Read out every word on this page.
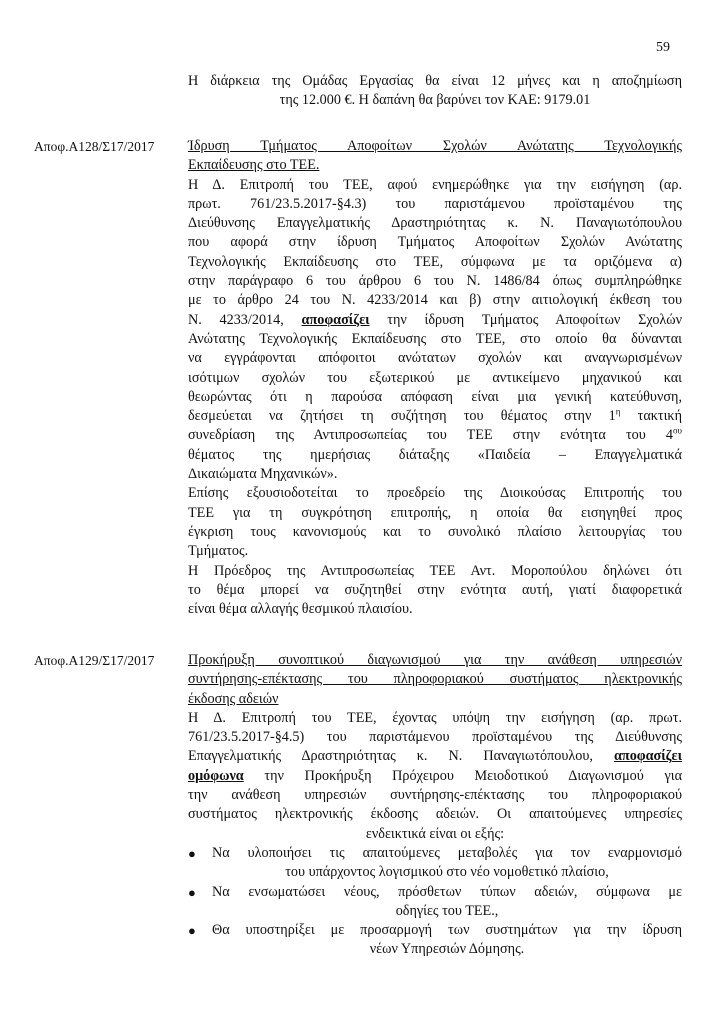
59
Η διάρκεια της Ομάδας Εργασίας θα είναι 12 μήνες και η αποζημίωση
της 12.000 €. Η δαπάνη θα βαρύνει τον ΚΑΕ: 9179.01
Αποφ.Α128/Σ17/2017 Ίδρυση Τμήματος Αποφοίτων Σχολών Ανώτατης Τεχνολογικής
Εκπαίδευσης στο ΤΕΕ.
Η Δ. Επιτροπή του ΤΕΕ, αφού ενημερώθηκε για την εισήγηση (αρ.
πρωτ. 761/23.5.2017-§4.3) του παριστάμενου προϊσταμένου της
Διεύθυνσης Επαγγελματικής Δραστηριότητας κ. Ν. Παναγιωτόπουλου
που αφορά στην ίδρυση Τμήματος Αποφοίτων Σχολών Ανώτατης
Τεχνολογικής Εκπαίδευσης στο ΤΕΕ, σύμφωνα με τα οριζόμενα α)
στην παράγραφο 6 του άρθρου 6 του Ν. 1486/84 όπως συμπληρώθηκε
με το άρθρο 24 του Ν. 4233/2014 και β) στην αιτιολογική έκθεση του
Ν. 4233/2014, αποφασίζει την ίδρυση Τμήματος Αποφοίτων Σχολών
Ανώτατης Τεχνολογικής Εκπαίδευσης στο ΤΕΕ, στο οποίο θα δύνανται
να εγγράφονται απόφοιτοι ανώτατων σχολών και αναγνωρισμένων
ισότιμων σχολών του εξωτερικού με αντικείμενο μηχανικού και
θεωρώντας ότι η παρούσα απόφαση είναι μια γενική κατεύθυνση,
δεσμεύεται να ζητήσει τη συζήτηση του θέματος στην $1^\eta$ τακτική
συνεδρίαση της Αντιπροσωπείας του ΤΕΕ στην ενότητα του $4^{o\upsilon}$
θέματος της ημερήσιας διάταξης «Παιδεία – Επαγγελματικά
Δικαιώματα Μηχανικών».
Επίσης εξουσιοδοτείται το προεδρείο της Διοικούσας Επιτροπής του
ΤΕΕ για τη συγκρότηση επιτροπής, η οποία θα εισηγηθεί προς
έγκριση τους κανονισμούς και το συνολικό πλαίσιο λειτουργίας του
Τμήματος.
Η Πρόεδρος της Αντιπροσωπείας ΤΕΕ Αντ. Μοροπούλου δηλώνει ότι
το θέμα μπορεί να συζητηθεί στην ενότητα αυτή, γιατί διαφορετικά
είναι θέμα αλλαγής θεσμικού πλαισίου.
Αποφ.Α129/Σ17/2017 Προκήρυξη συνοπτικού διαγωνισμού για την ανάθεση υπηρεσιών
συντήρησης-επέκτασης του πληροφοριακού συστήματος ηλεκτρονικής
έκδοσης αδειών
Η Δ. Επιτροπή του ΤΕΕ, έχοντας υπόψη την εισήγηση (αρ. πρωτ.
761/23.5.2017-§4.5) του παριστάμενου προϊσταμένου της Διεύθυνσης
Επαγγελματικής Δραστηριότητας κ. Ν. Παναγιωτόπουλου, αποφασίζει
ομόφωνα την Προκήρυξη Πρόχειρου Μειοδοτικού Διαγωνισμού για
την ανάθεση υπηρεσιών συντήρησης-επέκτασης του πληροφοριακού
συστήματος ηλεκτρονικής έκδοσης αδειών. Οι απαιτούμενες υπηρεσίες
ενδεικτικά είναι οι εξής:
● Να υλοποιήσει τις απαιτούμενες μεταβολές για τον εναρμονισμό
του υπάρχοντος λογισμικού στο νέο νομοθετικό πλαίσιο,
● Να ενσωματώσει νέους, πρόσθετων τύπων αδειών, σύμφωνα με
οδηγίες του ΤΕΕ.,
● Θα υποστηρίξει με προσαρμογή των συστημάτων για την ίδρυση
νέων Υπηρεσιών Δόμησης.
